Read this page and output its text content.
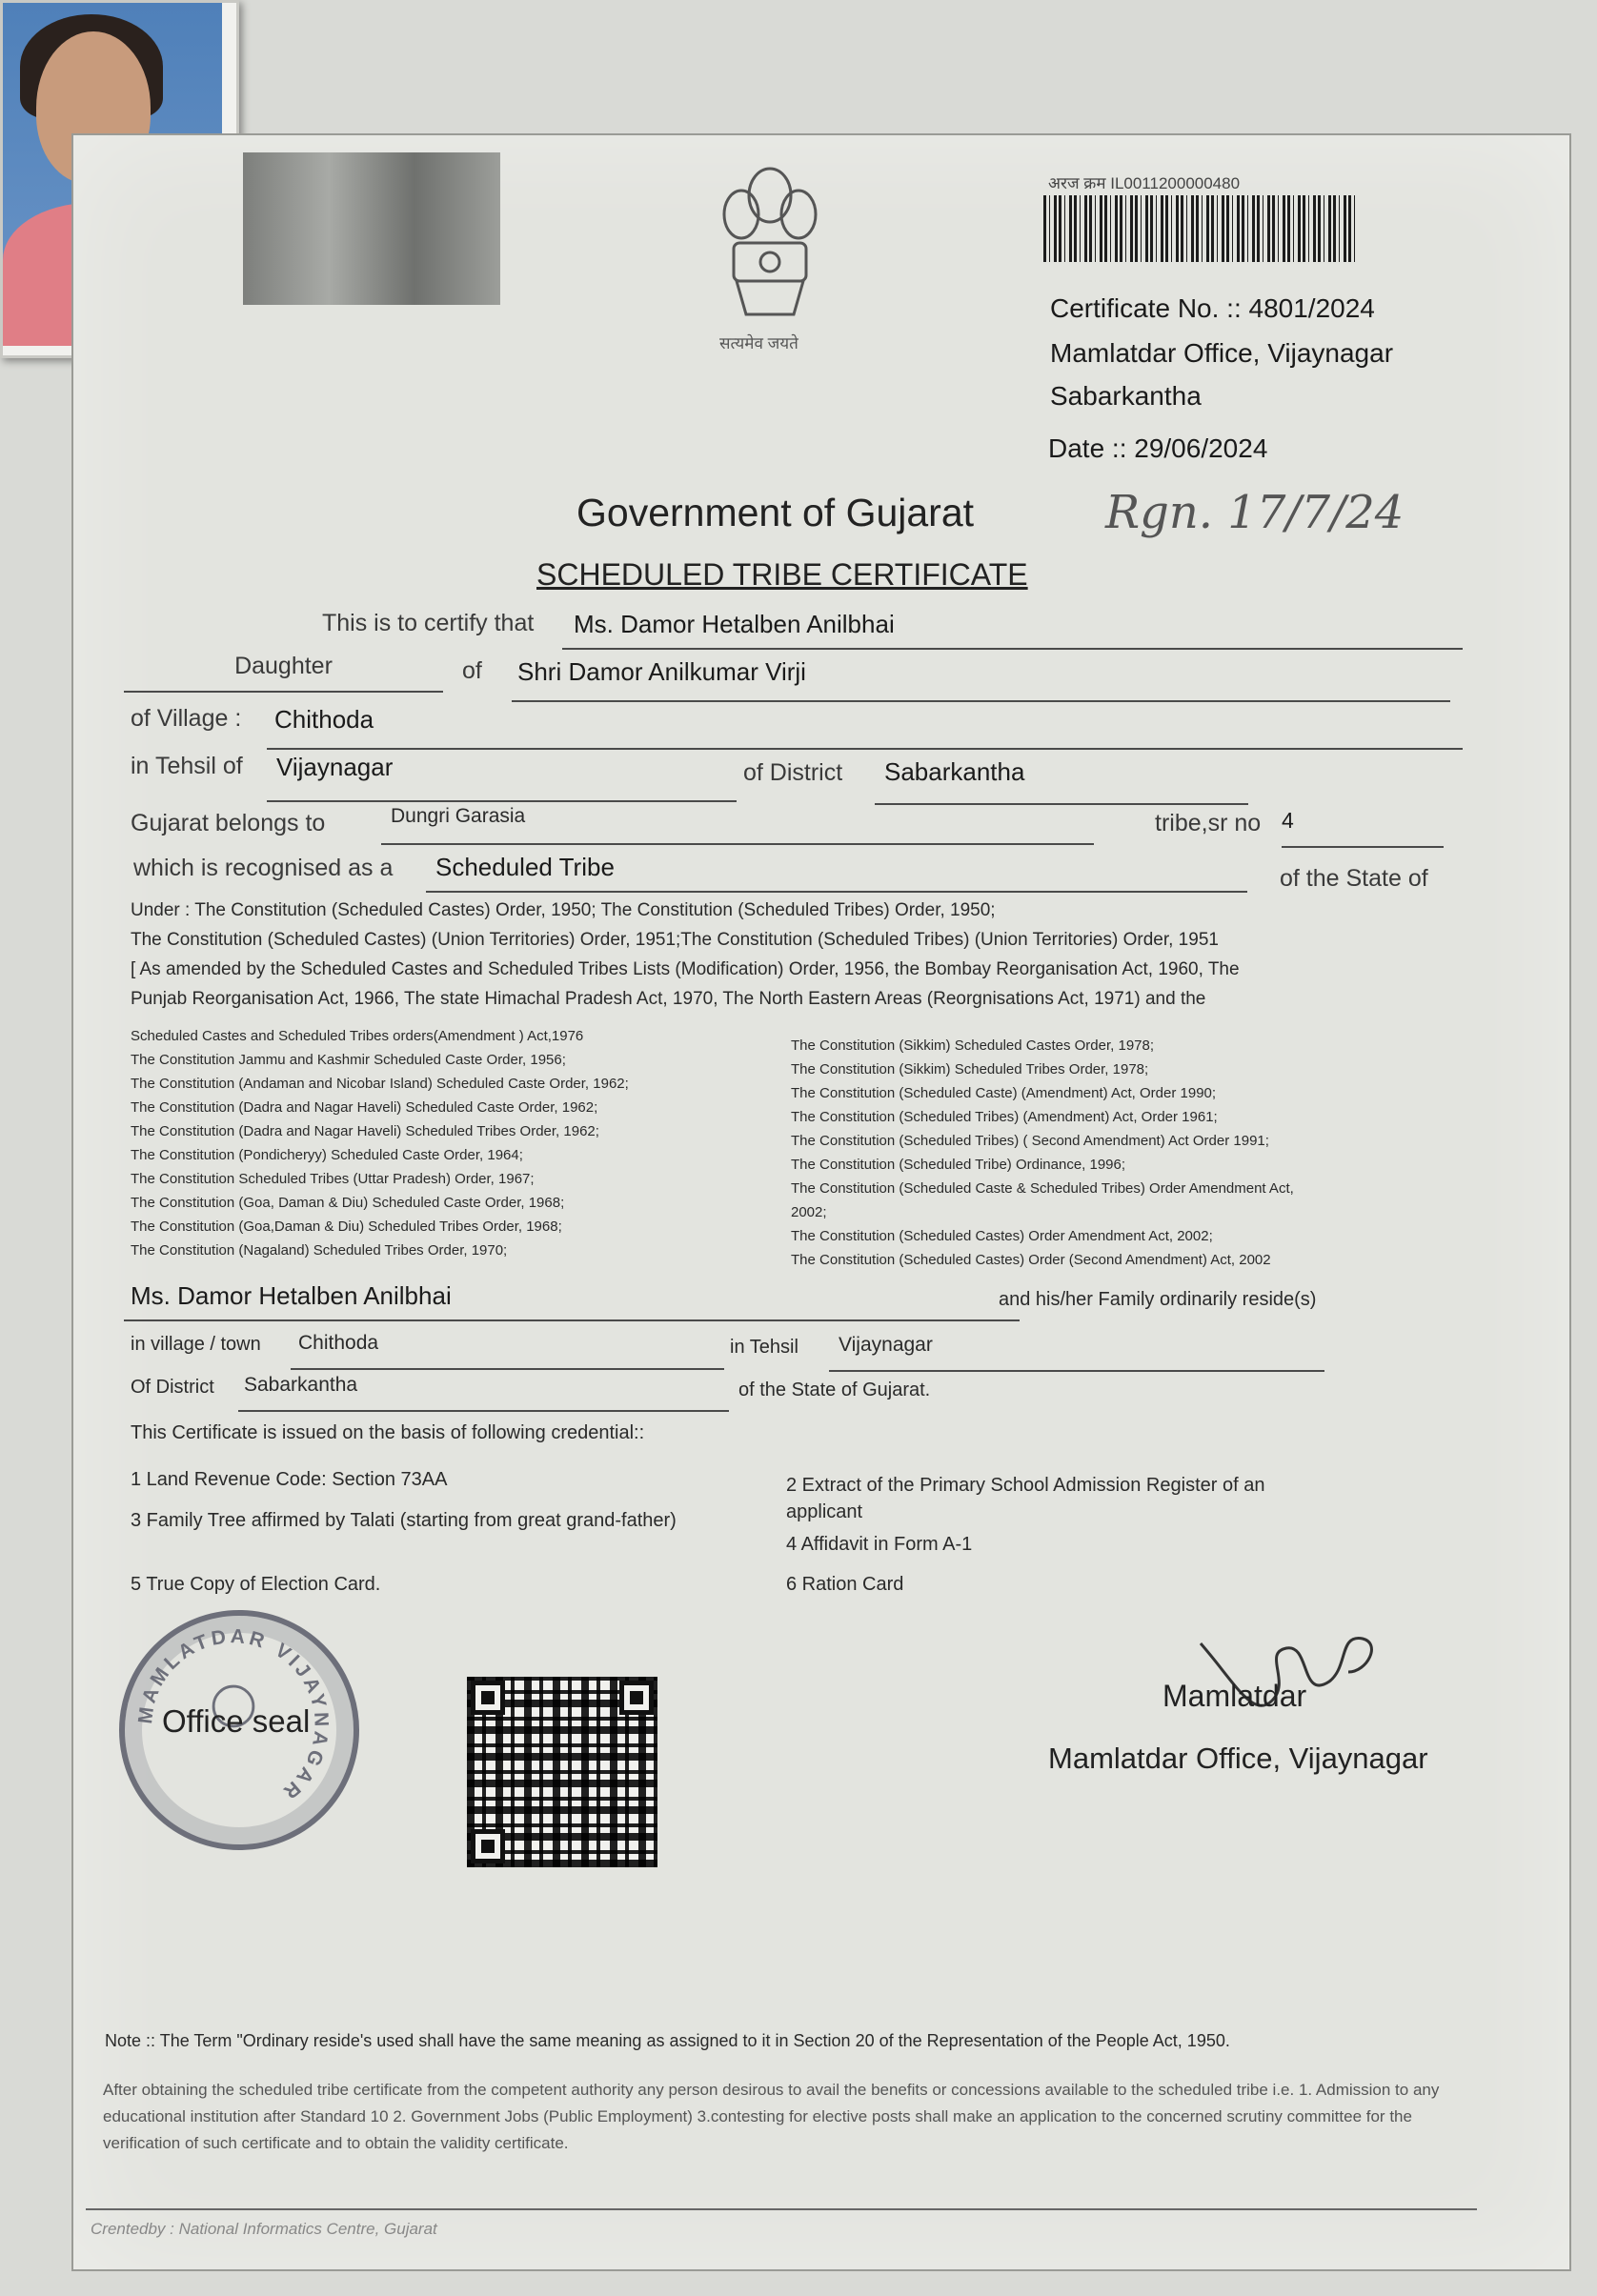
सत्यमेव जयते
अरज क्रम IL0011200000480
Certificate No. :: 4801/2024
Mamlatdar Office, Vijaynagar
Sabarkantha
Date :: 29/06/2024
Rgn. 17/7/24
Government of Gujarat
SCHEDULED TRIBE CERTIFICATE
This is to certify that	Ms. Damor Hetalben Anilbhai
Daughter	of Shri Damor Anilkumar Virji
of Village :	Chithoda
in Tehsil of	Vijaynagar	of District	Sabarkantha
Gujarat belongs to	Dungri Garasia	tribe,sr no 4
which is recognised as a	Scheduled Tribe	of the State of
Under : The Constitution (Scheduled Castes) Order, 1950; The Constitution (Scheduled Tribes) Order, 1950;
The Constitution (Scheduled Castes) (Union Territories) Order, 1951;The Constitution (Scheduled Tribes) (Union Territories) Order, 1951
[ As amended by the Scheduled Castes and Scheduled Tribes Lists (Modification) Order, 1956, the Bombay Reorganisation Act, 1960, The
Punjab Reorganisation Act, 1966, The state Himachal Pradesh Act, 1970, The North Eastern Areas (Reorgnisations Act, 1971) and the
Scheduled Castes and Scheduled Tribes orders(Amendment ) Act,1976
The Constitution Jammu and Kashmir Scheduled Caste Order, 1956;
The Constitution (Andaman and Nicobar Island) Scheduled Caste Order, 1962;
The Constitution (Dadra and Nagar Haveli) Scheduled Caste Order, 1962;
The Constitution (Dadra and Nagar Haveli) Scheduled Tribes Order, 1962;
The Constitution (Pondicheryy) Scheduled Caste Order, 1964;
The Constitution Scheduled Tribes (Uttar Pradesh) Order, 1967;
The Constitution (Goa, Daman & Diu) Scheduled Caste Order, 1968;
The Constitution (Goa,Daman & Diu) Scheduled Tribes Order, 1968;
The Constitution (Nagaland) Scheduled Tribes Order, 1970;
The Constitution (Sikkim) Scheduled Castes Order, 1978;
The Constitution (Sikkim) Scheduled Tribes Order, 1978;
The Constitution (Scheduled Caste) (Amendment) Act, Order 1990;
The Constitution (Scheduled Tribes) (Amendment) Act, Order 1961;
The Constitution (Scheduled Tribes) ( Second Amendment) Act Order 1991;
The Constitution (Scheduled Tribe) Ordinance, 1996;
The Constitution (Scheduled Caste & Scheduled Tribes) Order Amendment Act,
2002;
The Constitution (Scheduled Castes) Order Amendment Act, 2002;
The Constitution (Scheduled Castes) Order (Second Amendment) Act, 2002
Ms. Damor Hetalben Anilbhai	and his/her Family ordinarily reside(s)
in village / town	Chithoda	in Tehsil	Vijaynagar
Of District Sabarkantha	of the State of Gujarat.
This Certificate is issued on the basis of following credential::
1 Land Revenue Code: Section 73AA	2 Extract of the Primary School Admission Register of an applicant
3 Family Tree affirmed by Talati (starting from great grand-father)
4 Affidavit in Form A-1
5 True Copy of Election Card.	6 Ration Card
MAMLATDAR VIJAYNAGAR
Office seal
Mamlatdar
Mamlatdar Office, Vijaynagar
Note :: The Term "Ordinary reside's used shall have the same meaning as assigned to it in Section 20 of the Representation of the People Act, 1950.
After obtaining the scheduled tribe certificate from the competent authority any person desirous to avail the benefits or concessions available to the scheduled tribe i.e. 1. Admission to any educational institution after Standard 10 2. Government Jobs (Public Employment) 3.contesting for elective posts shall make an application to the concerned scrutiny committee for the verification of such certificate and to obtain the validity certificate.
Crentedby : National Informatics Centre, Gujarat
